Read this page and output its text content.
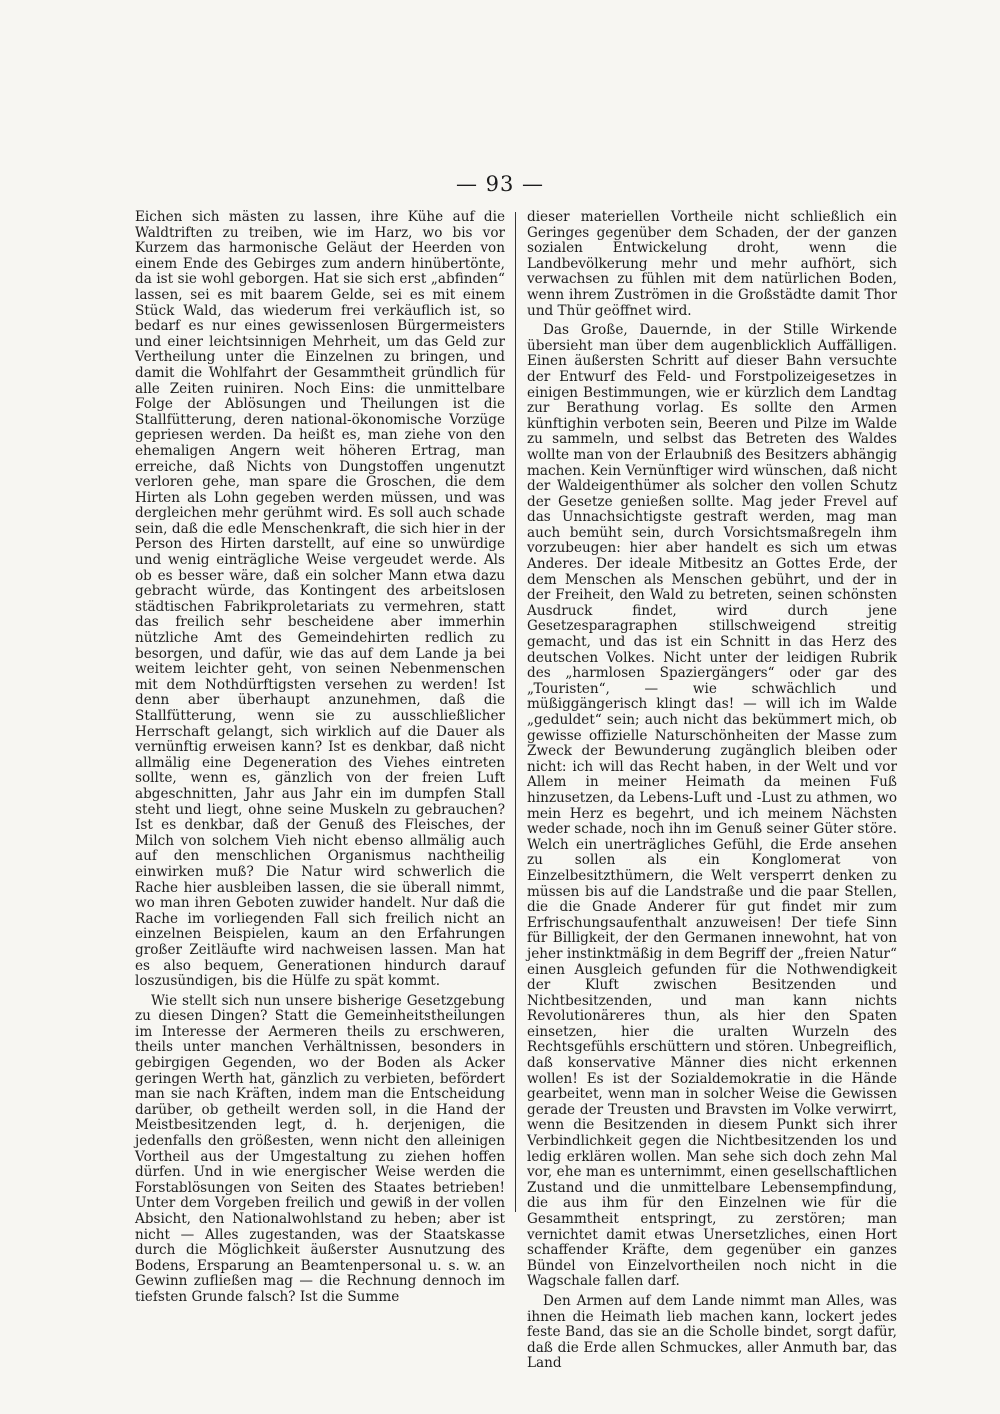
— 93 —

Eichen sich mästen zu lassen, ihre Kühe auf die Waldtriften zu treiben, wie im Harz, wo bis vor Kurzem das harmonische Geläut der Heerden von einem Ende des Gebirges zum andern hinübertönte, da ist sie wohl geborgen. Hat sie sich erst „abfinden“ lassen, sei es mit baarem Gelde, sei es mit einem Stück Wald, das wiederum frei verkäuflich ist, so bedarf es nur eines gewissenlosen Bürgermeisters und einer leichtsinnigen Mehrheit, um das Geld zur Vertheilung unter die Einzelnen zu bringen, und damit die Wohlfahrt der Gesammtheit gründlich für alle Zeiten ruiniren. Noch Eins: die unmittelbare Folge der Ablösungen und Theilungen ist die Stallfütterung, deren national-ökonomische Vorzüge gepriesen werden. Da heißt es, man ziehe von den ehemaligen Angern weit höheren Ertrag, man erreiche, daß Nichts von Dungstoffen ungenutzt verloren gehe, man spare die Groschen, die dem Hirten als Lohn gegeben werden müssen, und was dergleichen mehr gerühmt wird. Es soll auch schade sein, daß die edle Menschenkraft, die sich hier in der Person des Hirten darstellt, auf eine so unwürdige und wenig einträgliche Weise vergeudet werde. Als ob es besser wäre, daß ein solcher Mann etwa dazu gebracht würde, das Kontingent des arbeitslosen städtischen Fabrikproletariats zu vermehren, statt das freilich sehr bescheidene aber immerhin nützliche Amt des Gemeindehirten redlich zu besorgen, und dafür, wie das auf dem Lande ja bei weitem leichter geht, von seinen Nebenmenschen mit dem Nothdürftigsten versehen zu werden! Ist denn aber überhaupt anzunehmen, daß die Stallfütterung, wenn sie zu ausschließlicher Herrschaft gelangt, sich wirklich auf die Dauer als vernünftig erweisen kann? Ist es denkbar, daß nicht allmälig eine Degeneration des Viehes eintreten sollte, wenn es, gänzlich von der freien Luft abgeschnitten, Jahr aus Jahr ein im dumpfen Stall steht und liegt, ohne seine Muskeln zu gebrauchen? Ist es denkbar, daß der Genuß des Fleisches, der Milch von solchem Vieh nicht ebenso allmälig auch auf den menschlichen Organismus nachtheilig einwirken muß? Die Natur wird schwerlich die Rache hier ausbleiben lassen, die sie überall nimmt, wo man ihren Geboten zuwider handelt. Nur daß die Rache im vorliegenden Fall sich freilich nicht an einzelnen Beispielen, kaum an den Erfahrungen großer Zeitläufte wird nachweisen lassen. Man hat es also bequem, Generationen hindurch darauf loszusündigen, bis die Hülfe zu spät kommt.

Wie stellt sich nun unsere bisherige Gesetzgebung zu diesen Dingen? Statt die Gemeinheitstheilungen im Interesse der Aermeren theils zu erschweren, theils unter manchen Verhältnissen, besonders in gebirgigen Gegenden, wo der Boden als Acker geringen Werth hat, gänzlich zu verbieten, befördert man sie nach Kräften, indem man die Entscheidung darüber, ob getheilt werden soll, in die Hand der Meistbesitzenden legt, d. h. derjenigen, die jedenfalls den größesten, wenn nicht den alleinigen Vortheil aus der Umgestaltung zu ziehen hoffen dürfen. Und in wie energischer Weise werden die Forstablösungen von Seiten des Staates betrieben! Unter dem Vorgeben freilich und gewiß in der vollen Absicht, den Nationalwohlstand zu heben; aber ist nicht — Alles zugestanden, was der Staatskasse durch die Möglichkeit äußerster Ausnutzung des Bodens, Ersparung an Beamtenpersonal u. s. w. an Gewinn zufließen mag — die Rechnung dennoch im tiefsten Grunde falsch? Ist die Summe

dieser materiellen Vortheile nicht schließlich ein Geringes gegenüber dem Schaden, der der ganzen sozialen Entwickelung droht, wenn die Landbevölkerung mehr und mehr aufhört, sich verwachsen zu fühlen mit dem natürlichen Boden, wenn ihrem Zuströmen in die Großstädte damit Thor und Thür geöffnet wird.

Das Große, Dauernde, in der Stille Wirkende übersieht man über dem augenblicklich Auffälligen. Einen äußersten Schritt auf dieser Bahn versuchte der Entwurf des Feld- und Forstpolizeigesetzes in einigen Bestimmungen, wie er kürzlich dem Landtag zur Berathung vorlag. Es sollte den Armen künftighin verboten sein, Beeren und Pilze im Walde zu sammeln, und selbst das Betreten des Waldes wollte man von der Erlaubniß des Besitzers abhängig machen. Kein Vernünftiger wird wünschen, daß nicht der Waldeigenthümer als solcher den vollen Schutz der Gesetze genießen sollte. Mag jeder Frevel auf das Unnachsichtigste gestraft werden, mag man auch bemüht sein, durch Vorsichtsmaßregeln ihm vorzubeugen: hier aber handelt es sich um etwas Anderes. Der ideale Mitbesitz an Gottes Erde, der dem Menschen als Menschen gebührt, und der in der Freiheit, den Wald zu betreten, seinen schönsten Ausdruck findet, wird durch jene Gesetzesparagraphen stillschweigend streitig gemacht, und das ist ein Schnitt in das Herz des deutschen Volkes. Nicht unter der leidigen Rubrik des „harmlosen Spaziergängers“ oder gar des „Touristen“, — wie schwächlich und müßiggängerisch klingt das! — will ich im Walde „geduldet“ sein; auch nicht das bekümmert mich, ob gewisse offizielle Naturschönheiten der Masse zum Zweck der Bewunderung zugänglich bleiben oder nicht: ich will das Recht haben, in der Welt und vor Allem in meiner Heimath da meinen Fuß hinzusetzen, da Lebens-Luft und -Lust zu athmen, wo mein Herz es begehrt, und ich meinem Nächsten weder schade, noch ihn im Genuß seiner Güter störe. Welch ein unerträgliches Gefühl, die Erde ansehen zu sollen als ein Konglomerat von Einzelbesitzthümern, die Welt versperrt denken zu müssen bis auf die Landstraße und die paar Stellen, die die Gnade Anderer für gut findet mir zum Erfrischungsaufenthalt anzuweisen! Der tiefe Sinn für Billigkeit, der den Germanen innewohnt, hat von jeher instinktmäßig in dem Begriff der „freien Natur“ einen Ausgleich gefunden für die Nothwendigkeit der Kluft zwischen Besitzenden und Nichtbesitzenden, und man kann nichts Revolutionäreres thun, als hier den Spaten einsetzen, hier die uralten Wurzeln des Rechtsgefühls erschüttern und stören. Unbegreiflich, daß konservative Männer dies nicht erkennen wollen! Es ist der Sozialdemokratie in die Hände gearbeitet, wenn man in solcher Weise die Gewissen gerade der Treusten und Bravsten im Volke verwirrt, wenn die Besitzenden in diesem Punkt sich ihrer Verbindlichkeit gegen die Nichtbesitzenden los und ledig erklären wollen. Man sehe sich doch zehn Mal vor, ehe man es unternimmt, einen gesellschaftlichen Zustand und die unmittelbare Lebensempfindung, die aus ihm für den Einzelnen wie für die Gesammtheit entspringt, zu zerstören; man vernichtet damit etwas Unersetzliches, einen Hort schaffender Kräfte, dem gegenüber ein ganzes Bündel von Einzelvortheilen noch nicht in die Wagschale fallen darf.

Den Armen auf dem Lande nimmt man Alles, was ihnen die Heimath lieb machen kann, lockert jedes feste Band, das sie an die Scholle bindet, sorgt dafür, daß die Erde allen Schmuckes, aller Anmuth bar, das Land
